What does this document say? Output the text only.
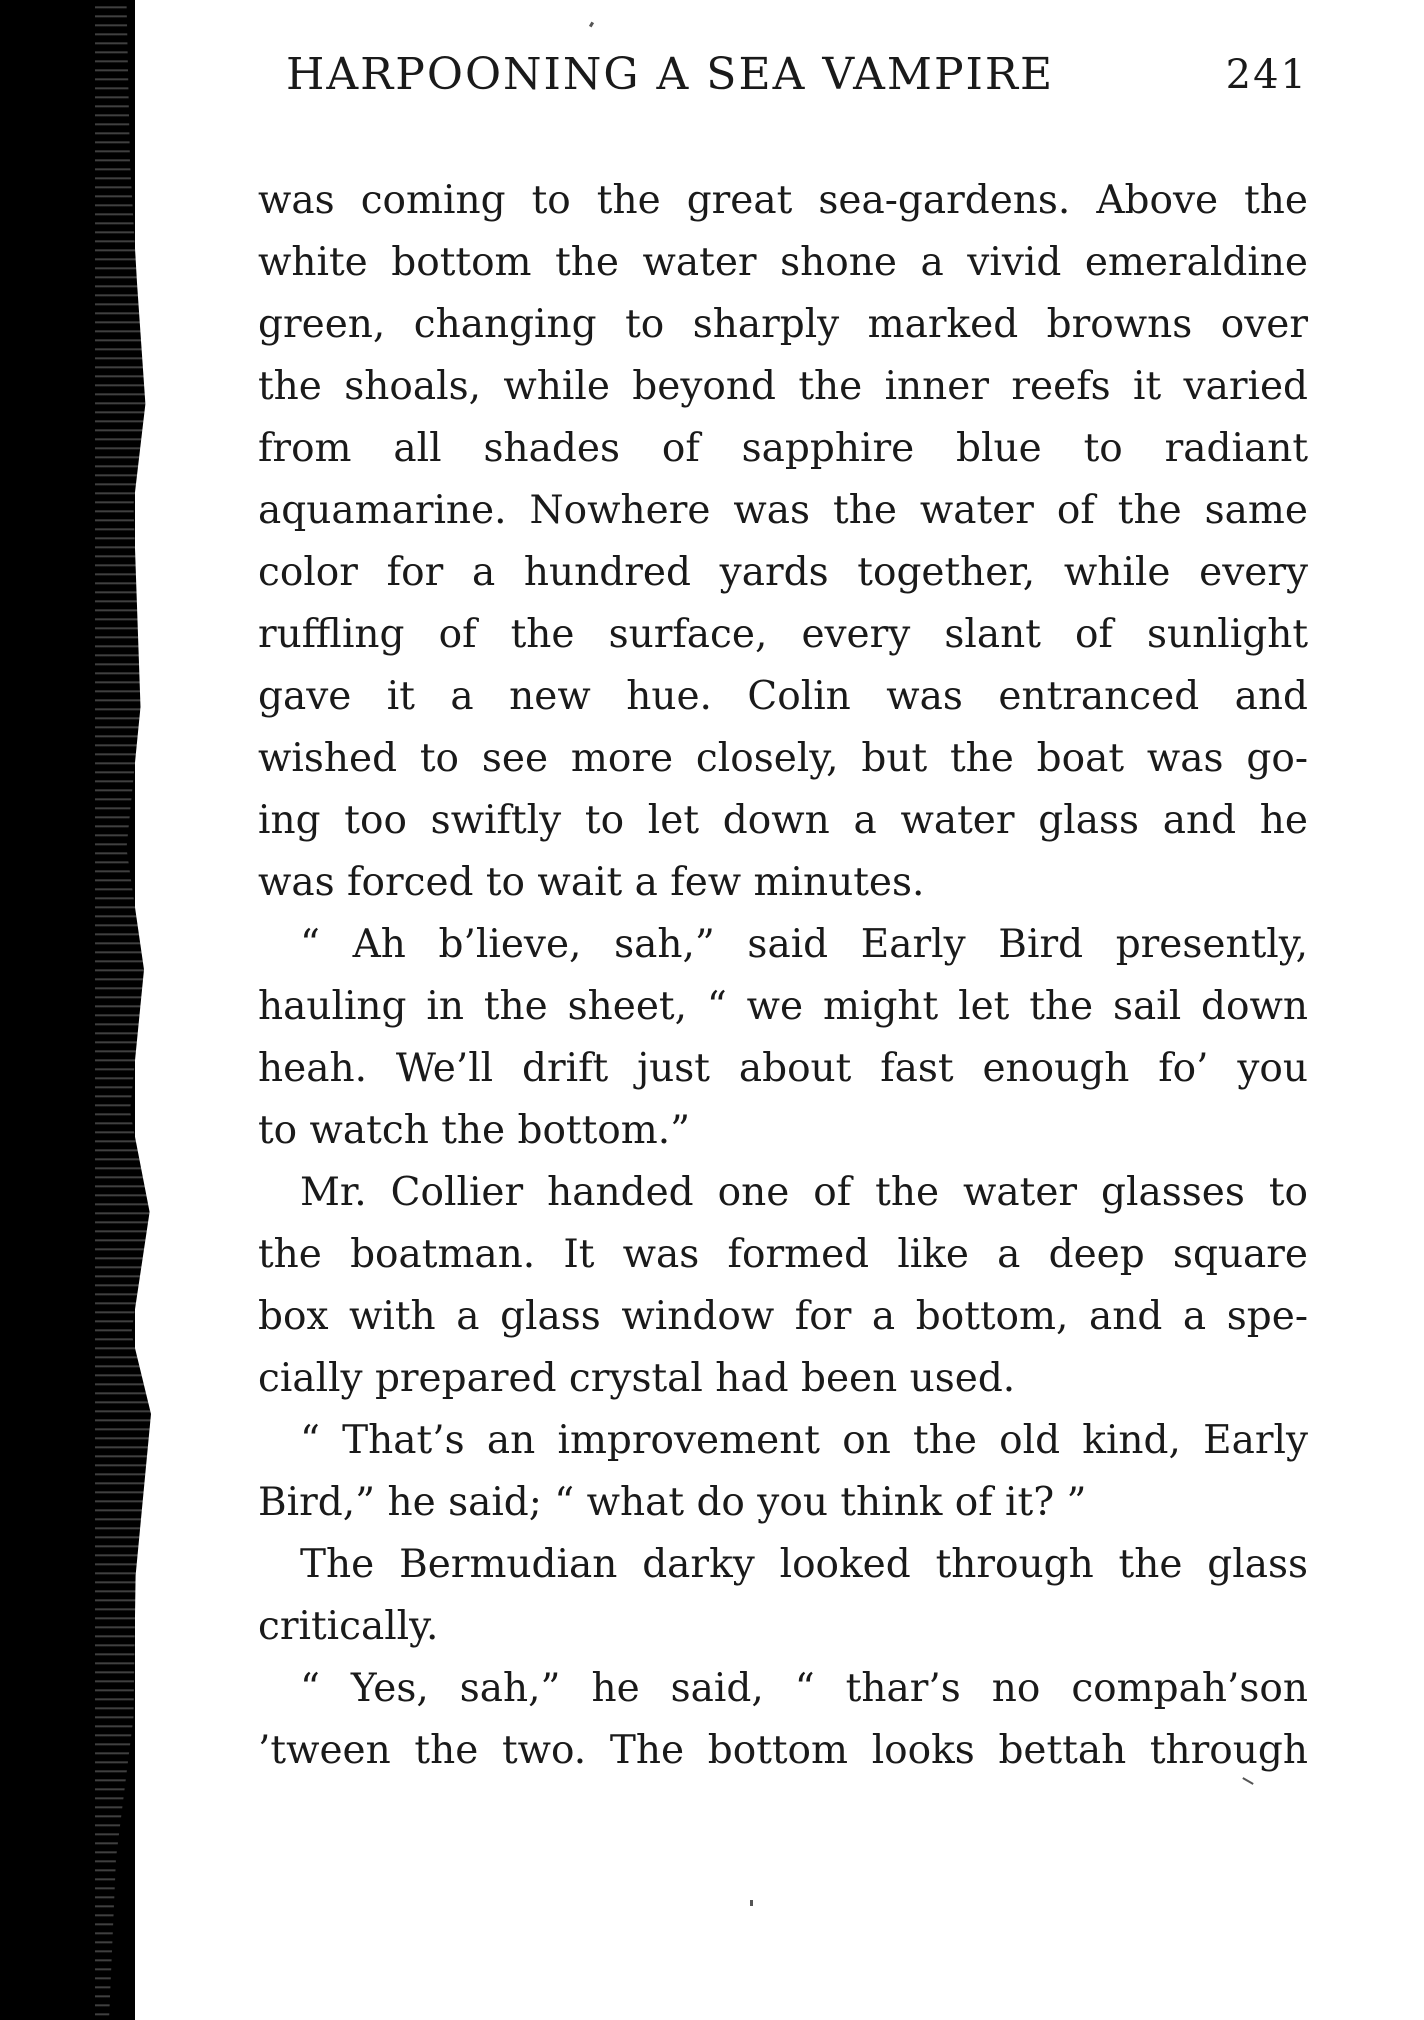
HARPOONING A SEA VAMPIRE	241

was coming to the great sea-gardens. Above the

white bottom the water shone a vivid emeraldine

green, changing to sharply marked browns over

the shoals, while beyond the inner reefs it varied

from all shades of sapphire blue to radiant

aquamarine. Nowhere was the water of the same

color for a hundred yards together, while every

ruffling of the surface, every slant of sunlight

gave it a new hue. Colin was entranced and

wished to see more closely, but the boat was go-

ing too swiftly to let down a water glass and he

was forced to wait a few minutes.

“ Ah b’lieve, sah,” said Early Bird presently,

hauling in the sheet, “ we might let the sail down

heah. We’ll drift just about fast enough fo’ you

to watch the bottom.”

Mr. Collier handed one of the water glasses to

the boatman. It was formed like a deep square

box with a glass window for a bottom, and a spe-

cially prepared crystal had been used.

“ That’s an improvement on the old kind, Early

Bird,” he said; “ what do you think of it? ”

The Bermudian darky looked through the glass

critically.

“ Yes, sah,” he said, “ thar’s no compah’son

’tween the two. The bottom looks bettah through
